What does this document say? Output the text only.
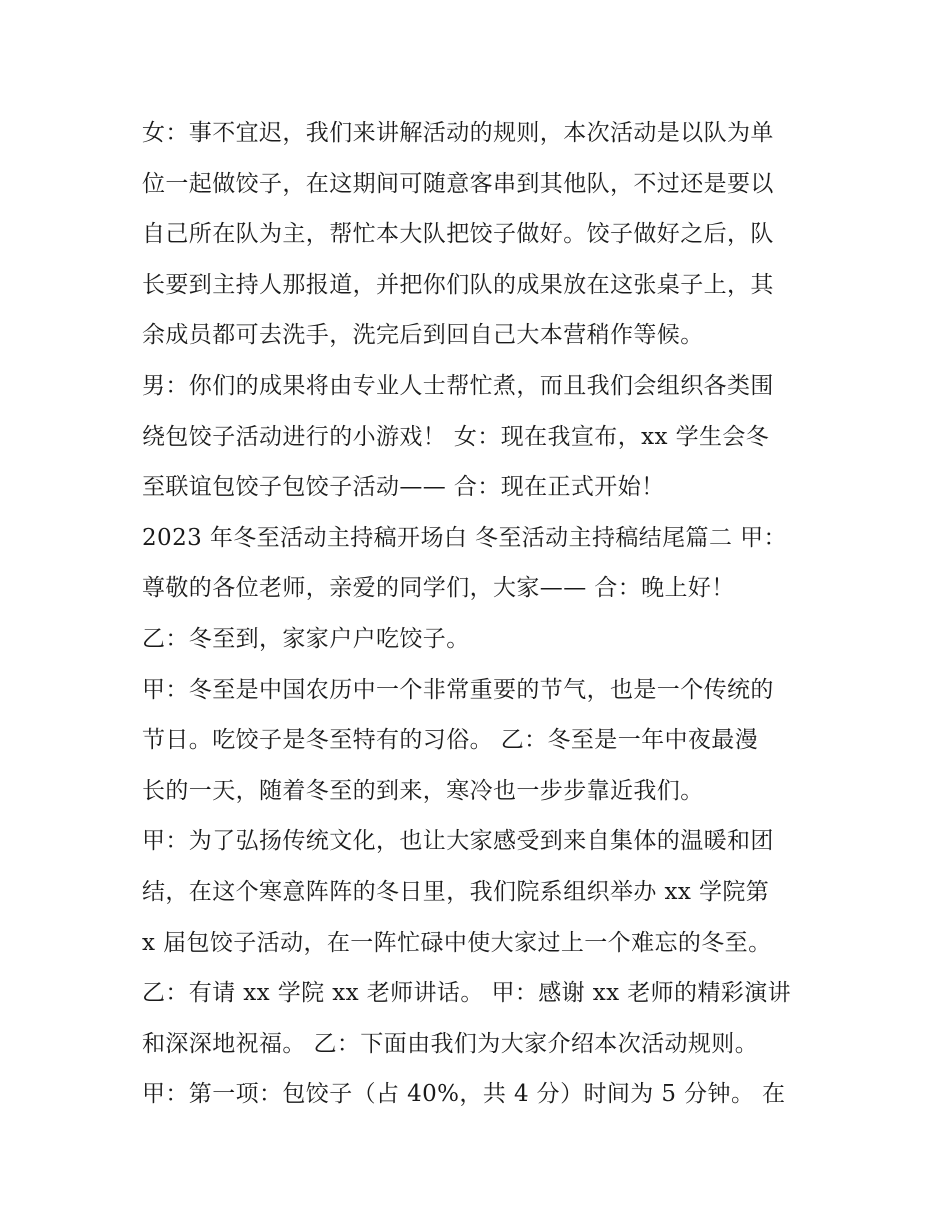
女：事不宜迟，我们来讲解活动的规则，本次活动是以队为单
位一起做饺子，在这期间可随意客串到其他队，不过还是要以
自己所在队为主，帮忙本大队把饺子做好。饺子做好之后，队
长要到主持人那报道，并把你们队的成果放在这张桌子上，其
余成员都可去洗手，洗完后到回自己大本营稍作等候。
男：你们的成果将由专业人士帮忙煮，而且我们会组织各类围
绕包饺子活动进行的小游戏！ 女：现在我宣布，xx 学生会冬
至联谊包饺子包饺子活动—— 合：现在正式开始！
2023 年冬至活动主持稿开场白 冬至活动主持稿结尾篇二 甲：
尊敬的各位老师，亲爱的同学们，大家—— 合：晚上好！
乙：冬至到，家家户户吃饺子。
甲：冬至是中国农历中一个非常重要的节气，也是一个传统的
节日。吃饺子是冬至特有的习俗。 乙：冬至是一年中夜最漫
长的一天，随着冬至的到来，寒冷也一步步靠近我们。
甲：为了弘扬传统文化，也让大家感受到来自集体的温暖和团
结，在这个寒意阵阵的冬日里，我们院系组织举办 xx 学院第
x 届包饺子活动，在一阵忙碌中使大家过上一个难忘的冬至。
乙：有请 xx 学院 xx 老师讲话。 甲：感谢 xx 老师的精彩演讲
和深深地祝福。 乙：下面由我们为大家介绍本次活动规则。
甲：第一项：包饺子（占 40%，共 4 分）时间为 5 分钟。 在
